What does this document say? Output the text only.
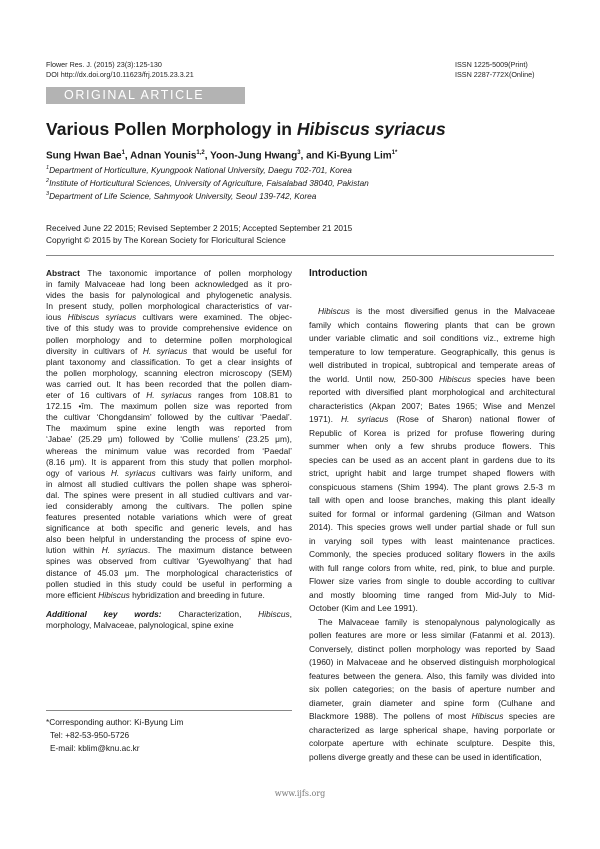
Flower Res. J. (2015) 23(3):125-130
DOI http://dx.doi.org/10.11623/frj.2015.23.3.21
ISSN 1225-5009(Print)
ISSN 2287-772X(Online)
ORIGINAL ARTICLE
Various Pollen Morphology in Hibiscus syriacus
Sung Hwan Bae$^1$, Adnan Younis$^{1,2}$, Yoon-Jung Hwang$^3$, and Ki-Byung Lim$^{1*}$
$^1$Department of Horticulture, Kyungpook National University, Daegu 702-701, Korea
$^2$Institute of Horticultural Sciences, University of Agriculture, Faisalabad 38040, Pakistan
$^3$Department of Life Science, Sahmyook University, Seoul 139-742, Korea
Received June 22 2015; Revised September 2 2015; Accepted September 21 2015
Copyright © 2015 by The Korean Society for Floricultural Science

Abstract The taxonomic importance of pollen morphology
in family Malvaceae had long been acknowledged as it pro-
vides the basis for palynological and phylogenetic analysis.
In present study, pollen morphological characteristics of var-
ious Hibiscus syriacus cultivars were examined. The objec-
tive of this study was to provide comprehensive evidence on
pollen morphology and to determine pollen morphological
diversity in cultivars of H. syriacus that would be useful for
plant taxonomy and classification. To get a clear insights of
the pollen morphology, scanning electron microscopy (SEM)
was carried out. It has been recorded that the pollen diam-
eter of 16 cultivars of H. syriacus ranges from 108.81 to
172.15 •îm. The maximum pollen size was reported from
the cultivar ‘Chongdansim’ followed by the cultivar ‘Paedal’.
The maximum spine exine length was reported from
‘Jabae’ (25.29 μm) followed by ‘Collie mullens’ (23.25 μm),
whereas the minimum value was recorded from ‘Paedal’
(8.16 μm). It is apparent from this study that pollen morphol-
ogy of various H. syriacus cultivars was fairly uniform, and
in almost all studied cultivars the pollen shape was spheroi-
dal. The spines were present in all studied cultivars and var-
ied considerably among the cultivars. The pollen spine
features presented notable variations which were of great
significance at both specific and generic levels, and has
also been helpful in understanding the process of spine evo-
lution within H. syriacus. The maximum distance between
spines was observed from cultivar ‘Gyewolhyang’ that had
distance of 45.03 μm. The morphological characteristics of
pollen studied in this study could be useful in performing a
more efficient Hibiscus hybridization and breeding in future.

Additional key words: Characterization, Hibiscus,
morphology, Malvaceae, palynological, spine exine

Introduction

Hibiscus is the most diversified genus in the Malvaceae
family which contains flowering plants that can be grown
under variable climatic and soil conditions viz., extreme high
temperature to low temperature. Geographically, this genus is
well distributed in tropical, subtropical and temperate areas of
the world. Until now, 250-300 Hibiscus species have been
reported with diversified plant morphological and architectural
characteristics (Akpan 2007; Bates 1965; Wise and Menzel
1971). H. syriacus (Rose of Sharon) national flower of
Republic of Korea is prized for profuse flowering during
summer when only a few shrubs produce flowers. This
species can be used as an accent plant in gardens due to its
strict, upright habit and large trumpet shaped flowers with
conspicuous stamens (Shim 1994). The plant grows 2.5-3 m
tall with open and loose branches, making this plant ideally
suited for formal or informal gardening (Gilman and Watson
2014). This species grows well under partial shade or full sun
in varying soil types with least maintenance practices.
Commonly, the species produced solitary flowers in the axils
with full range colors from white, red, pink, to blue and purple.
Flower size varies from single to double according to cultivar
and mostly blooming time ranged from Mid-July to Mid-
October (Kim and Lee 1991).
The Malvaceae family is stenopalynous palynologically as
pollen features are more or less similar (Fatanmi et al. 2013).
Conversely, distinct pollen morphology was reported by Saad
(1960) in Malvaceae and he observed distinguish morphological
features between the genera. Also, this family was divided into
six pollen categories; on the basis of aperture number and
diameter, grain diameter and spine form (Culhane and
Blackmore 1988). The pollens of most Hibiscus species are
characterized as large spherical shape, having porporlate or
colorpate aperture with echinate sculpture. Despite this,
pollens diverge greatly and these can be used in identification,

*Corresponding author: Ki-Byung Lim
Tel: +82-53-950-5726
E-mail: kblim@knu.ac.kr
www.ijfs.org
